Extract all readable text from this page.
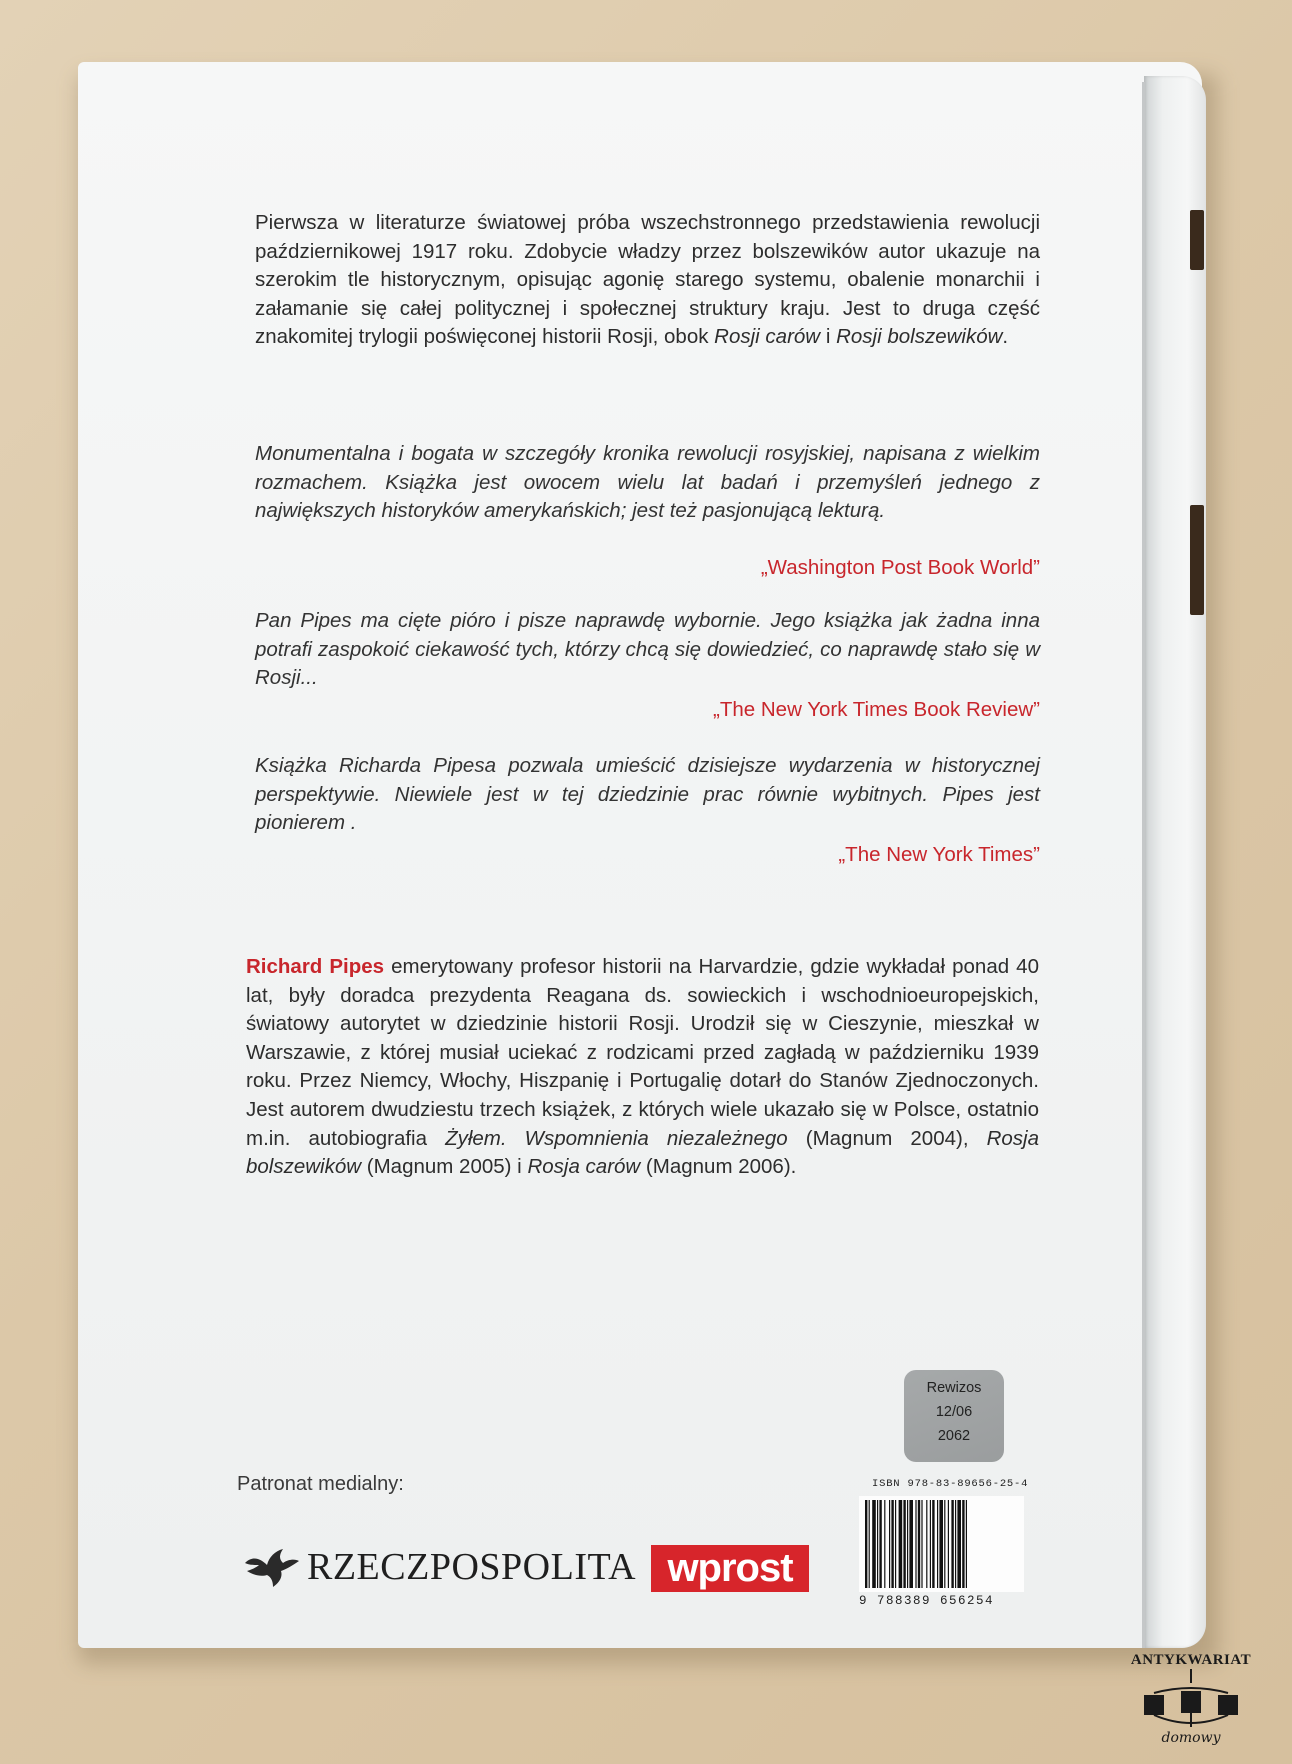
Pierwsza w literaturze światowej próba wszechstronnego przedstawienia rewolucji październikowej 1917 roku. Zdobycie władzy przez bolszewików autor ukazuje na szerokim tle historycznym, opisując agonię starego systemu, obalenie monarchii i załamanie się całej politycznej i społecznej struktury kraju. Jest to druga część znakomitej trylogii poświęconej historii Rosji, obok Rosji carów i Rosji bolszewików.
Monumentalna i bogata w szczegóły kronika rewolucji rosyjskiej, napisana z wielkim rozmachem. Książka jest owocem wielu lat badań i przemyśleń jednego z największych historyków amerykańskich; jest też pasjonującą lekturą.
„Washington Post Book World”
Pan Pipes ma cięte pióro i pisze naprawdę wybornie. Jego książka jak żadna inna potrafi zaspokoić ciekawość tych, którzy chcą się dowiedzieć, co naprawdę stało się w Rosji...
„The New York Times Book Review”
Książka Richarda Pipesa pozwala umieścić dzisiejsze wydarzenia w historycznej perspektywie. Niewiele jest w tej dziedzinie prac równie wybitnych. Pipes jest pionierem .
„The New York Times”
Richard Pipes emerytowany profesor historii na Harvardzie, gdzie wykładał ponad 40 lat, były doradca prezydenta Reagana ds. sowieckich i wschodnioeuropejskich, światowy autorytet w dziedzinie historii Rosji. Urodził się w Cieszynie, mieszkał w Warszawie, z której musiał uciekać z rodzicami przed zagładą w październiku 1939 roku. Przez Niemcy, Włochy, Hiszpanię i Portugalię dotarł do Stanów Zjednoczonych. Jest autorem dwudziestu trzech książek, z których wiele ukazało się w Polsce, ostatnio m.in. autobiografia Żyłem. Wspomnienia niezależnego (Magnum 2004), Rosja bolszewików (Magnum 2005) i Rosja carów (Magnum 2006).
Patronat medialny:
RZECZPOSPOLITA wprost
Rewizos
12/06
2062
ISBN 978-83-89656-25-4
9 788389 656254
ANTYKWARIAT
domowy
